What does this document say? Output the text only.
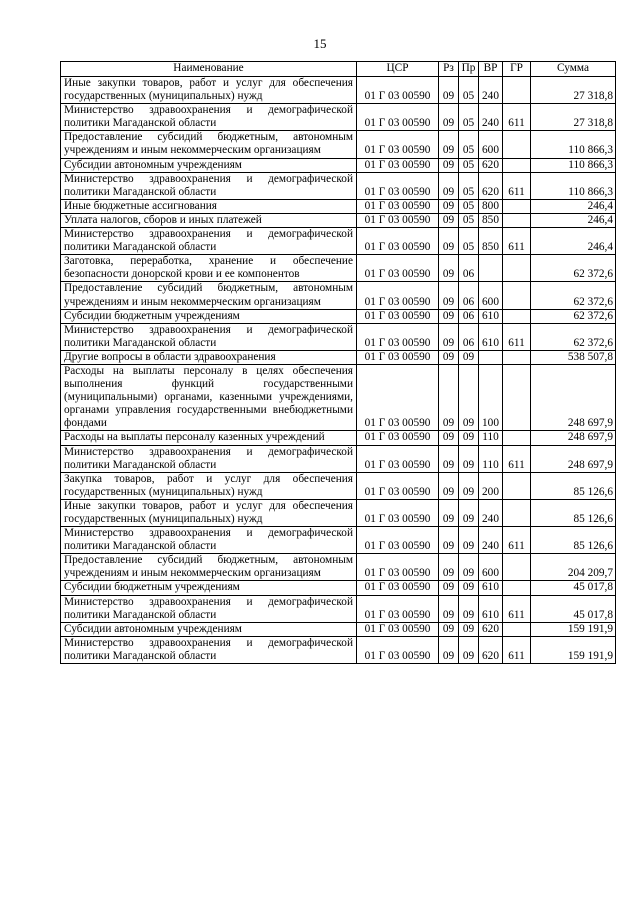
15
Наименование	ЦСР	Рз	Пр	ВР	ГР	Сумма
Иные закупки товаров, работ и услуг для обеспечения государственных (муниципальных) нужд	01 Г 03 00590	09	05	240		27 318,8
Министерство здравоохранения и демографической политики Магаданской области	01 Г 03 00590	09	05	240	611	27 318,8
Предоставление субсидий бюджетным, автономным учреждениям и иным некоммерческим организациям	01 Г 03 00590	09	05	600		110 866,3
Субсидии автономным учреждениям	01 Г 03 00590	09	05	620		110 866,3
Министерство здравоохранения и демографической политики Магаданской области	01 Г 03 00590	09	05	620	611	110 866,3
Иные бюджетные ассигнования	01 Г 03 00590	09	05	800		246,4
Уплата налогов, сборов и иных платежей	01 Г 03 00590	09	05	850		246,4
Министерство здравоохранения и демографической политики Магаданской области	01 Г 03 00590	09	05	850	611	246,4
Заготовка, переработка, хранение и обеспечение безопасности донорской крови и ее компонентов	01 Г 03 00590	09	06			62 372,6
Предоставление субсидий бюджетным, автономным учреждениям и иным некоммерческим организациям	01 Г 03 00590	09	06	600		62 372,6
Субсидии бюджетным учреждениям	01 Г 03 00590	09	06	610		62 372,6
Министерство здравоохранения и демографической политики Магаданской области	01 Г 03 00590	09	06	610	611	62 372,6
Другие вопросы в области здравоохранения	01 Г 03 00590	09	09			538 507,8
Расходы на выплаты персоналу в целях обеспечения выполнения функций государственными (муниципальными) органами, казенными учреждениями, органами управления государственными внебюджетными фондами	01 Г 03 00590	09	09	100		248 697,9
Расходы на выплаты персоналу казенных учреждений	01 Г 03 00590	09	09	110		248 697,9
Министерство здравоохранения и демографической политики Магаданской области	01 Г 03 00590	09	09	110	611	248 697,9
Закупка товаров, работ и услуг для обеспечения государственных (муниципальных) нужд	01 Г 03 00590	09	09	200		85 126,6
Иные закупки товаров, работ и услуг для обеспечения государственных (муниципальных) нужд	01 Г 03 00590	09	09	240		85 126,6
Министерство здравоохранения и демографической политики Магаданской области	01 Г 03 00590	09	09	240	611	85 126,6
Предоставление субсидий бюджетным, автономным учреждениям и иным некоммерческим организациям	01 Г 03 00590	09	09	600		204 209,7
Субсидии бюджетным учреждениям	01 Г 03 00590	09	09	610		45 017,8
Министерство здравоохранения и демографической политики Магаданской области	01 Г 03 00590	09	09	610	611	45 017,8
Субсидии автономным учреждениям	01 Г 03 00590	09	09	620		159 191,9
Министерство здравоохранения и демографической политики Магаданской области	01 Г 03 00590	09	09	620	611	159 191,9
